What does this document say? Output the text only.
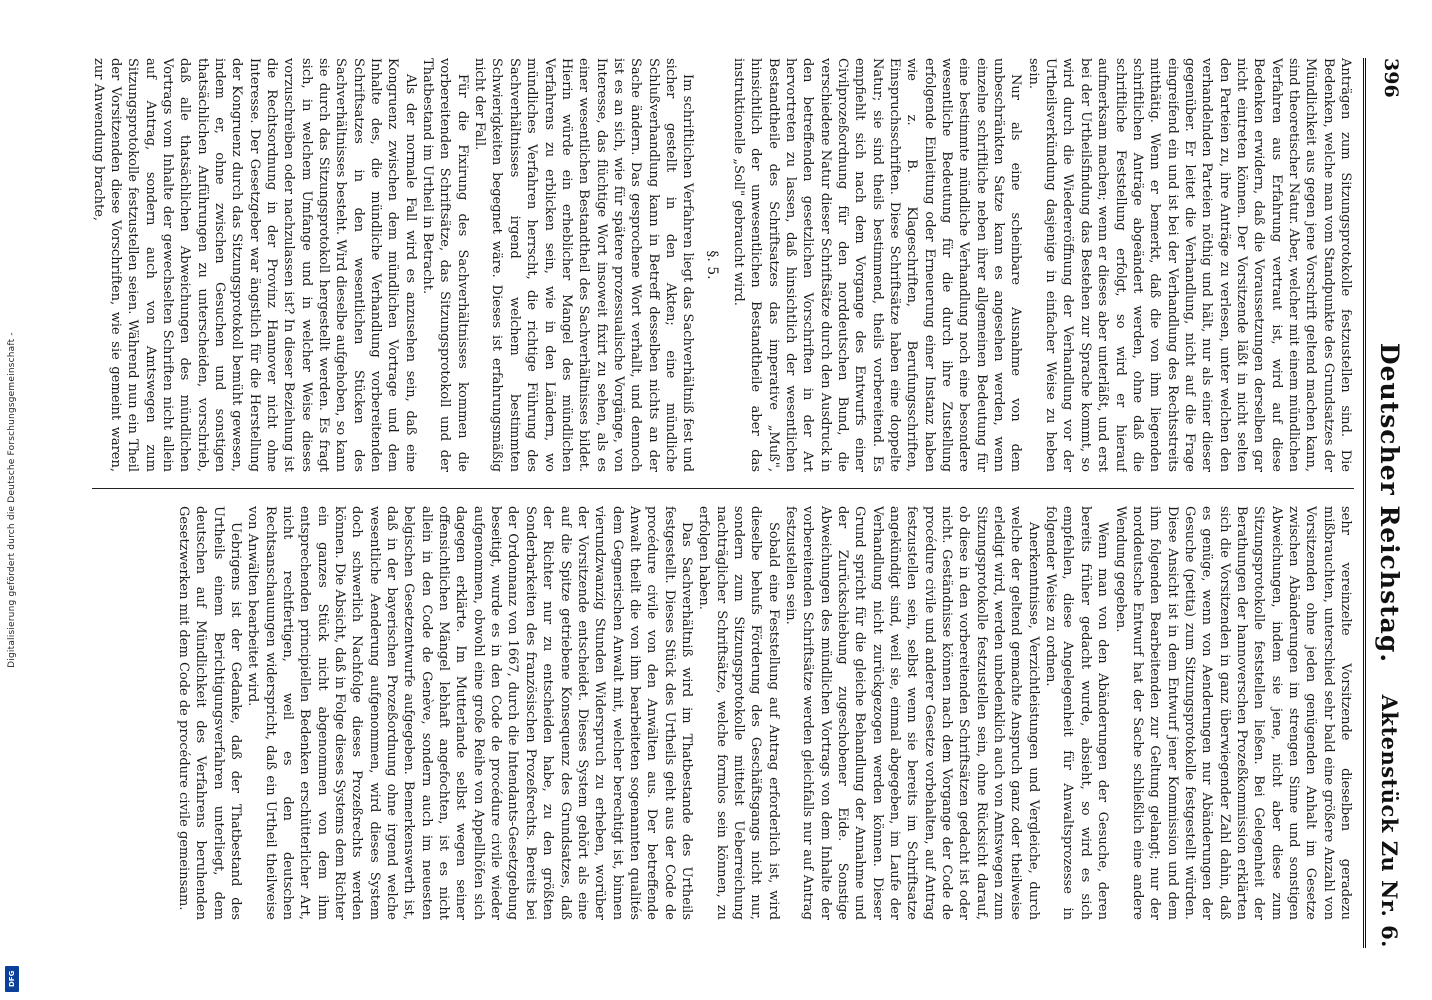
Digitalisierung gefördert durch die Deutsche Forschungsgemeinschaft -
DFG
396
Deutscher Reichstag.
Aktenstück Zu Nr. 6.

Anträgen zum Sitzungsprotokolle festzustellen sind. Die Bedenken, welche man vom Standpunkte des Grundsatzes der Mündlichkeit aus gegen jene Vorschrift geltend machen kann, sind theoretischer Natur. Aber, welcher mit einem mündlichen Verfahren aus Erfahrung vertraut ist, wird auf diese Bedenken erwidern, daß die Voraussetzungen derselben gar nicht eintreten können. Der Vorsitzende läßt in nicht selten den Parteien zu, ihre Anträge zu verlesen, unter welchen den verhandelnden Parteien nöthig und hält, nur als einer dieser gegenüber. Er leitet die Verhandlung, nicht auf die Frage eingreifend ein und ist bei der Verhandlung des Rechtsstreits mitthätig. Wenn er bemerkt, daß die von ihm liegenden schriftlichen Anträge abgeändert werden, ohne daß die schriftliche Feststellung erfolgt, so wird er hierauf aufmerksam machen; wenn er dieses aber unterläßt, und erst bei der Urtheilsfindung das Bestehen zur Sprache kommt, so wird durch die Wiedereröffnung der Verhandlung vor der Urtheilsverkündung dasjenige in einfacher Weise zu heben sein.

Nur als eine scheinbare Ausnahme von dem unbeschränkten Satze kann es angesehen werden, wenn einzelne schriftliche neben ihrer allgemeinen Bedeutung für eine bestimmte mündliche Verhandlung noch eine besondere wesentliche Bedeutung für die durch ihre Zustellung erfolgende Einleitung oder Erneuerung einer Instanz haben wie z. B. Klageschriften, Berufungsschriften, Einspruchsschriften. Diese Schriftsätze haben eine doppelte Natur; sie sind theils bestimmend, theils vorbereitend. Es empfiehlt sich nach dem Vorgange des Entwurfs einer Civilprozeßordnung für den norddeutschen Bund, die verschiedene Natur dieser Schriftsätze durch den Ausdruck in den betreffenden gesetzlichen Vorschriften in der Art hervortreten zu lassen, daß hinsichtlich der wesentlichen Bestandtheile des Schriftsatzes das imperative „Muß", hinsichtlich der unwesentlichen Bestandtheile aber das instruktionelle „Soll" gebraucht wird.

§. 5.

Im schriftlichen Verfahren liegt das Sachverhältniß fest und sicher gestellt in den Akten; eine mündliche Schlußverhandlung kann in Betreff desselben nichts an der Sache ändern. Das gesprochene Wort verhallt, und dennoch ist es an sich, wie für spätere prozessualische Vorgänge, von Interesse, das flüchtige Wort insoweit fixirt zu sehen, als es einer wesentlichen Bestandtheil des Sachverhältnisses bildet. Hierin würde ein erheblicher Mangel des mündlichen Verfahrens zu erblicken sein, wie in den Ländern, wo mündliches Verfahren herrscht, die richtige Führung des Sachverhältnisses irgend welchem bestimmten Schwierigkeiten begegnet wäre. Dieses ist erfahrungsmäßig nicht der Fall.

Für die Fixirung des Sachverhältnisses kommen die vorbereitenden Schriftsätze, das Sitzungsprotokoll und der Thatbestand im Urtheil in Betracht.

Als der normale Fall wird es anzusehen sein, daß eine Kongruenz zwischen dem mündlichen Vortrage und dem Inhalte des, die mündliche Verhandlung vorbereitenden Schriftsatzes in den wesentlichen Stücken des Sachverhältnisses besteht. Wird dieselbe aufgehoben, so kann sie durch das Sitzungsprotokoll hergestellt werden. Es fragt sich, in welchem Umfange und in welcher Weise dieses vorzuschreiben oder nachzulassen ist? In dieser Beziehung ist die Rechtsordnung in der Provinz Hannover nicht ohne Interesse. Der Gesetzgeber war ängstlich für die Herstellung der Kongruenz durch das Sitzungsprotokoll bemüht gewesen, indem er, ohne zwischen Gesuchen und sonstigen thatsächlichen Anführungen zu unterscheiden, vorschrieb, daß alle thatsächlichen Abweichungen des mündlichen Vortrags vom Inhalte der gewechselten Schriften nicht allein auf Antrag, sondern auch von Amtswegen zum Sitzungsprotokolle festzustellen seien. Während nun ein Theil der Vorsitzenden diese Vorschriften, wie sie gemeint waren, zur Anwendung brachte,

sehr vereinzelte Vorsitzende dieselben geradezu mißbrauchten, unterschied sehr bald eine größere Anzahl von Vorsitzenden ohne jeden genügenden Anhalt im Gesetze zwischen Abänderungen im strengen Sinne und sonstigen Abweichungen, indem sie jene, nicht aber diese zum Sitzungsprotokolle feststellen ließen. Bei Gelegenheit der Berathungen der hannoverschen Prozeßkommission erklärten sich die Vorsitzenden in ganz überwiegender Zahl dahin, daß es genüge, wenn von Aenderungen nur Abänderungen der Gesuche (petita) zum Sitzungsprotokolle festgestellt würden. Diese Ansicht ist in dem Entwurf jener Kommission und dem ihm folgenden Bearbeitenden zur Geltung gelangt; nur der norddeutsche Entwurf hat der Sache schließlich eine andere Wendung gegeben.

Wenn man von den Abänderungen der Gesuche, deren bereits früher gedacht wurde, absieht, so wird es sich empfehlen, diese Angelegenheit für Anwaltsprozesse in folgender Weise zu ordnen.

Anerkenntnisse, Verzichtleistungen und Vergleiche, durch welche der geltend gemachte Anspruch ganz oder theilweise erledigt wird, werden unbedenklich auch von Amtswegen zum Sitzungsprotokolle festzustellen sein, ohne Rücksicht darauf, ob diese in den vorbereitenden Schriftsätzen gedacht ist oder nicht. Geständnisse können nach dem Vorgange der Code de procédure civile und anderer Gesetze vorbehalten, auf Antrag festzustellen sein, selbst wenn sie bereits im Schriftsatze angekündigt sind, weil sie, einmal abgegeben, im Laufe der Verhandlung nicht zurückgezogen werden können. Dieser Grund spricht für die gleiche Behandlung der Annahme und der Zurückschiebung zugeschobener Eide. Sonstige Abweichungen des mündlichen Vortrags von dem Inhalte der vorbereitenden Schriftsätze werden gleichfalls nur auf Antrag festzustellen sein.

Sobald eine Feststellung auf Antrag erforderlich ist, wird dieselbe behufs Förderung des Geschäftsgangs nicht nur, sondern zum Sitzungsprotokolle mittelst Ueberreichung nachträglicher Schriftsätze, welche formlos sein können, zu erfolgen haben.

Das Sachverhältniß wird im Thatbestande des Urtheils festgestellt. Dieses Stück des Urtheils geht aus der Code de procédure civile von den Anwälten aus. Der betreffende Anwalt theilt die von ihm bearbeiteten sogenannten qualités dem Gegnerischen Anwalt mit, welcher berechtigt ist, binnen vierundzwanzig Stunden Widerspruch zu erheben, worüber der Vorsitzende entscheidet. Dieses System gehört als eine auf die Spitze getriebene Konsequenz des Grundsatzes, daß der Richter nur zu entscheiden habe, zu den größten Sonderbarkeiten des französischen Prozeßrechts. Bereits bei der Ordonnanz von 1667, durch die Intendants-Gesetzgebung beseitigt, wurde es in den Code de procédure civile wieder aufgenommen, obwohl eine große Reihe von Appellhöfen sich dagegen erklärte. Im Mutterlande selbst wegen seiner offensichtlichen Mängel lebhaft angefochten, ist es nicht allein in den Code de Genève, sondern auch im neuesten belgischen Gesetzentwurfe aufgegeben. Bemerkenswerth ist, daß in der bayerischen Prozeßordnung ohne irgend welche wesentliche Aenderung aufgenommen, wird dieses System doch schwerlich Nachfolge dieses Prozeßrechts werden können. Die Absicht, daß in Folge dieses Systems dem Richter ein ganzes Stück nicht abgenommen von dem ihm entsprechenden principiellen Bedenken erschütterlicher Art, nicht rechtfertigen, weil es den deutschen Rechtsanschauungen widerspricht, daß ein Urtheil theilweise von Anwälten bearbeitet wird.

Uebrigens ist der Gedanke, daß der Thatbestand des Urtheils einem Berichtigungsverfahren unterliegt, dem deutschen auf Mündlichkeit des Verfahrens beruhenden Gesetzwerken mit dem Code de procédure civile gemeinsam.
